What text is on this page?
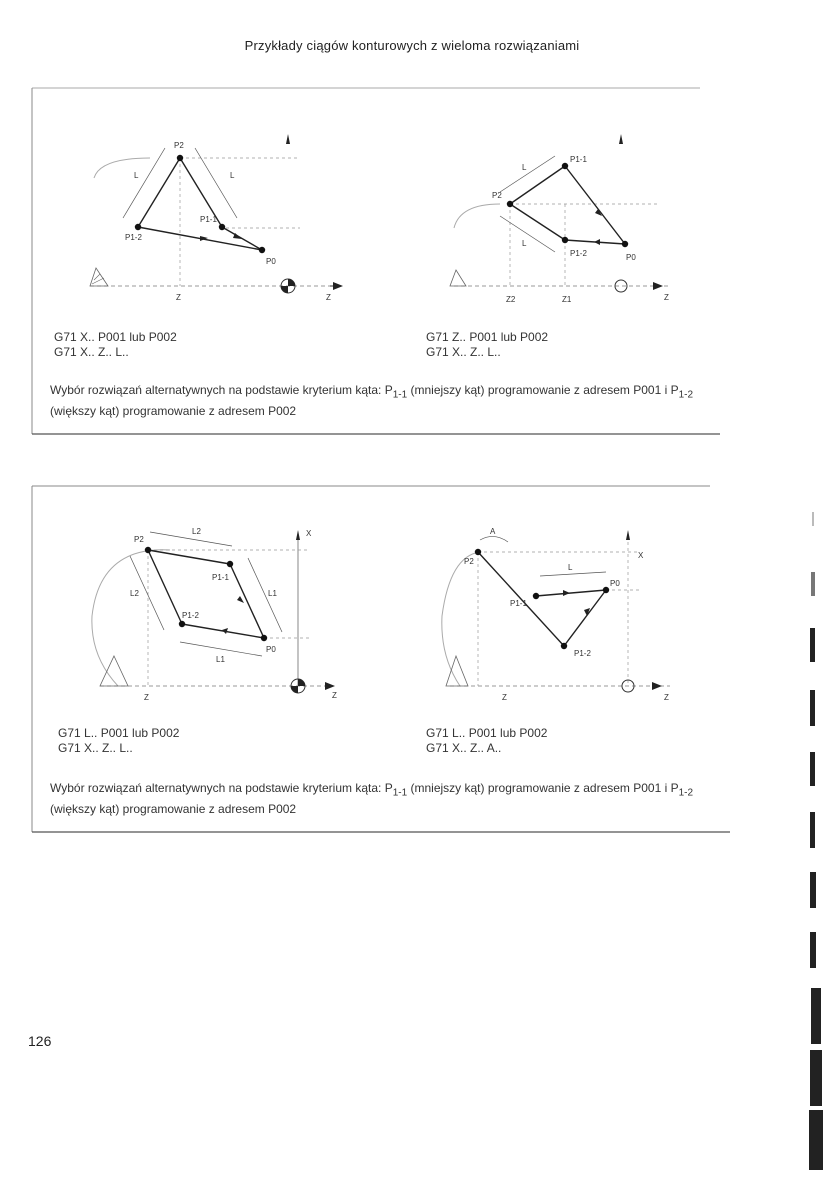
Przykłady ciągów konturowych z wieloma rozwiązaniami
P2
P1-2
P1-1
P0
L	L
Z	Z
P2
P1-1
P1-2	P0
L
L
Z2	Z1	Z
G71 X.. P001 lub P002
G71 X.. Z.. L..
G71 Z.. P001 lub P002
G71 X.. Z.. L..
Wybór rozwiązań alternatywnych na podstawie kryterium kąta: $P_{1-1}$ (mniejszy kąt) programowanie z adresem P001 i $P_{1-2}$ (większy kąt) programowanie z adresem P002
P2
P1-1
P1-2
P0
L2
L2	L1
L1
Z	Z
X
P2
P1-1
P1-2
P0
L
A
Z	Z
X
G71 L.. P001 lub P002
G71 X.. Z.. L..
G71 L.. P001 lub P002
G71 X.. Z.. A..
Wybór rozwiązań alternatywnych na podstawie kryterium kąta: $P_{1-1}$ (mniejszy kąt) programowanie z adresem P001 i $P_{1-2}$ (większy kąt) programowanie z adresem P002
126
